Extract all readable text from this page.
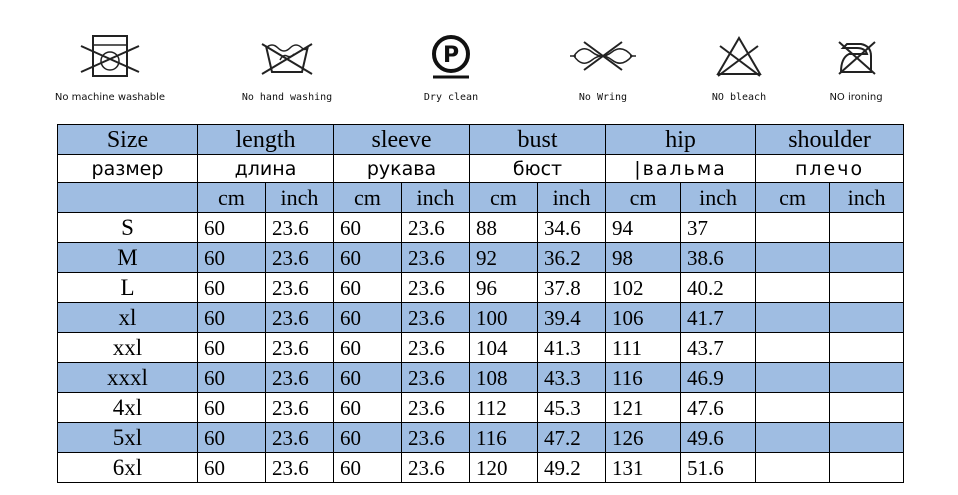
No machine washable	No hand washing
P
Dry clean	No Wring	NO bleach	NO ironing
Size	length		sleeve		bust		hip		shoulder	
размер	длина		рукава		бюст		|вальма		плечо	
	cm	inch	cm	inch	cm	inch	cm	inch	cm	inch
S	60	23.6	60	23.6	88	34.6	94	37		
M	60	23.6	60	23.6	92	36.2	98	38.6		
L	60	23.6	60	23.6	96	37.8	102	40.2		
xl	60	23.6	60	23.6	100	39.4	106	41.7		
xxl	60	23.6	60	23.6	104	41.3	111	43.7		
xxxl	60	23.6	60	23.6	108	43.3	116	46.9		
4xl	60	23.6	60	23.6	112	45.3	121	47.6		
5xl	60	23.6	60	23.6	116	47.2	126	49.6		
6xl	60	23.6	60	23.6	120	49.2	131	51.6		
